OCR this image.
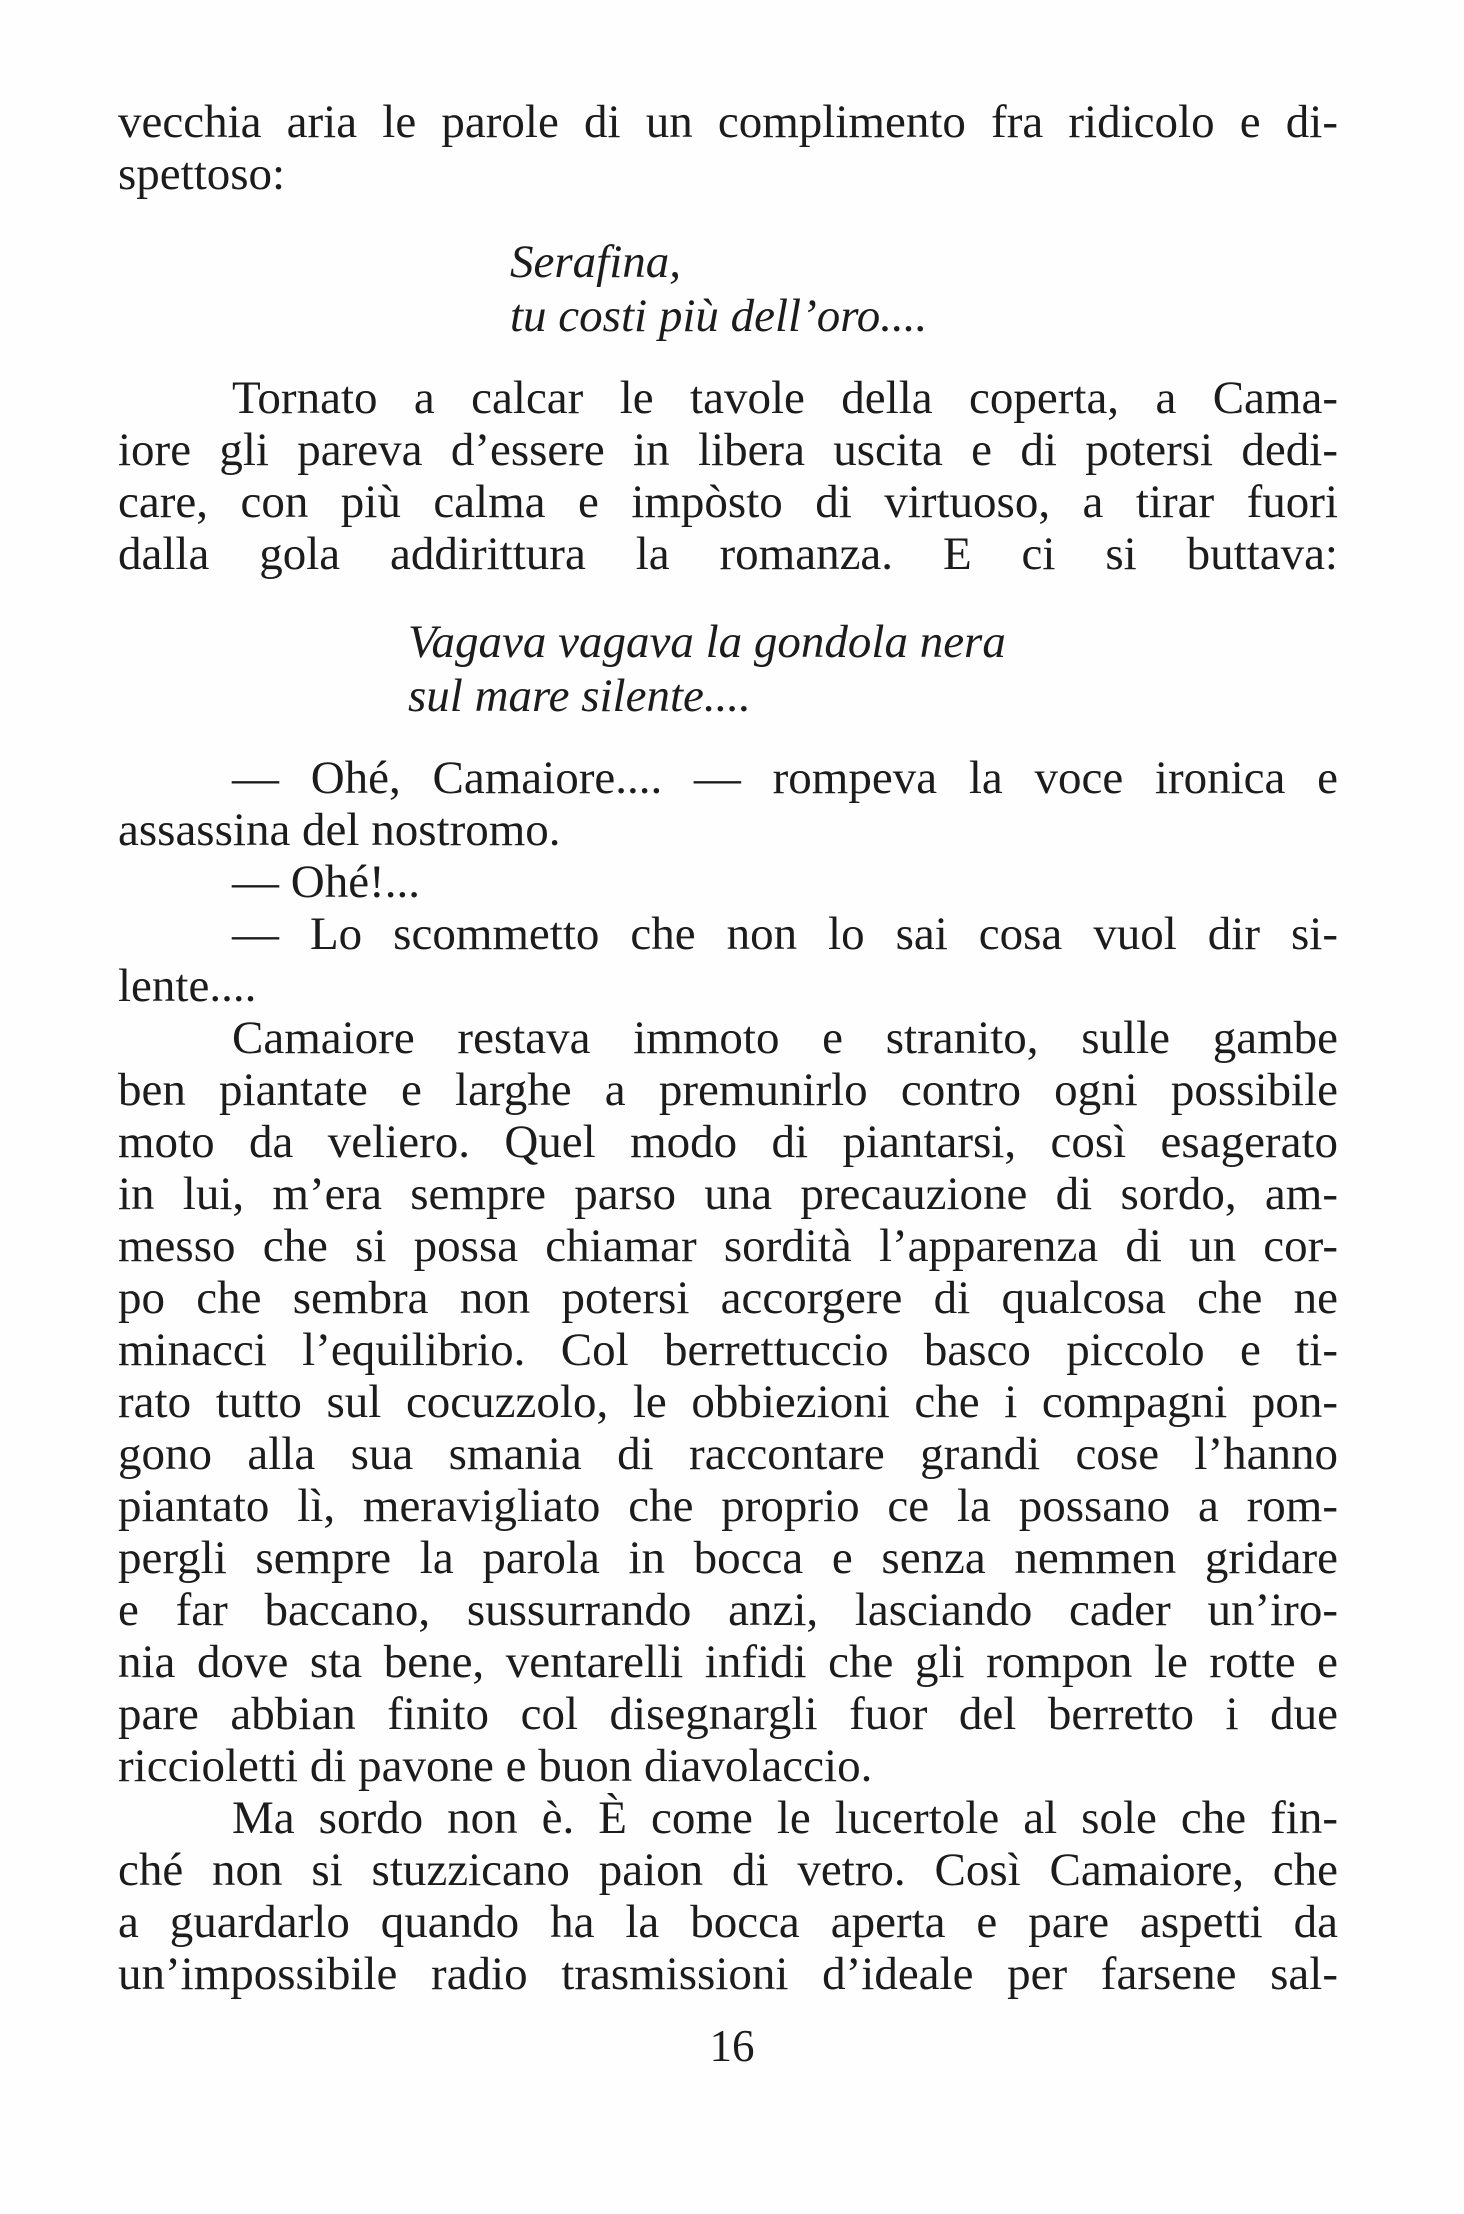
vecchia aria le parole di un complimento fra ridicolo e di-
spettoso:
Serafina,
tu costi più dell’oro....
Tornato a calcar le tavole della coperta, a Cama-
iore gli pareva d’essere in libera uscita e di potersi dedi-
care, con più calma e impòsto di virtuoso, a tirar fuori
dalla gola addirittura la romanza. E ci si buttava:
Vagava vagava la gondola nera
sul mare silente....
— Ohé, Camaiore.... — rompeva la voce ironica e
assassina del nostromo.
— Ohé!...
— Lo scommetto che non lo sai cosa vuol dir si-
lente....
Camaiore restava immoto e stranito, sulle gambe
ben piantate e larghe a premunirlo contro ogni possibile
moto da veliero. Quel modo di piantarsi, così esagerato
in lui, m’era sempre parso una precauzione di sordo, am-
messo che si possa chiamar sordità l’apparenza di un cor-
po che sembra non potersi accorgere di qualcosa che ne
minacci l’equilibrio. Col berrettuccio basco piccolo e ti-
rato tutto sul cocuzzolo, le obbiezioni che i compagni pon-
gono alla sua smania di raccontare grandi cose l’hanno
piantato lì, meravigliato che proprio ce la possano a rom-
pergli sempre la parola in bocca e senza nemmen gridare
e far baccano, sussurrando anzi, lasciando cader un’iro-
nia dove sta bene, ventarelli infidi che gli rompon le rotte e
pare abbian finito col disegnargli fuor del berretto i due
riccioletti di pavone e buon diavolaccio.
Ma sordo non è. È come le lucertole al sole che fin-
ché non si stuzzicano paion di vetro. Così Camaiore, che
a guardarlo quando ha la bocca aperta e pare aspetti da
un’impossibile radio trasmissioni d’ideale per farsene sal-
16
